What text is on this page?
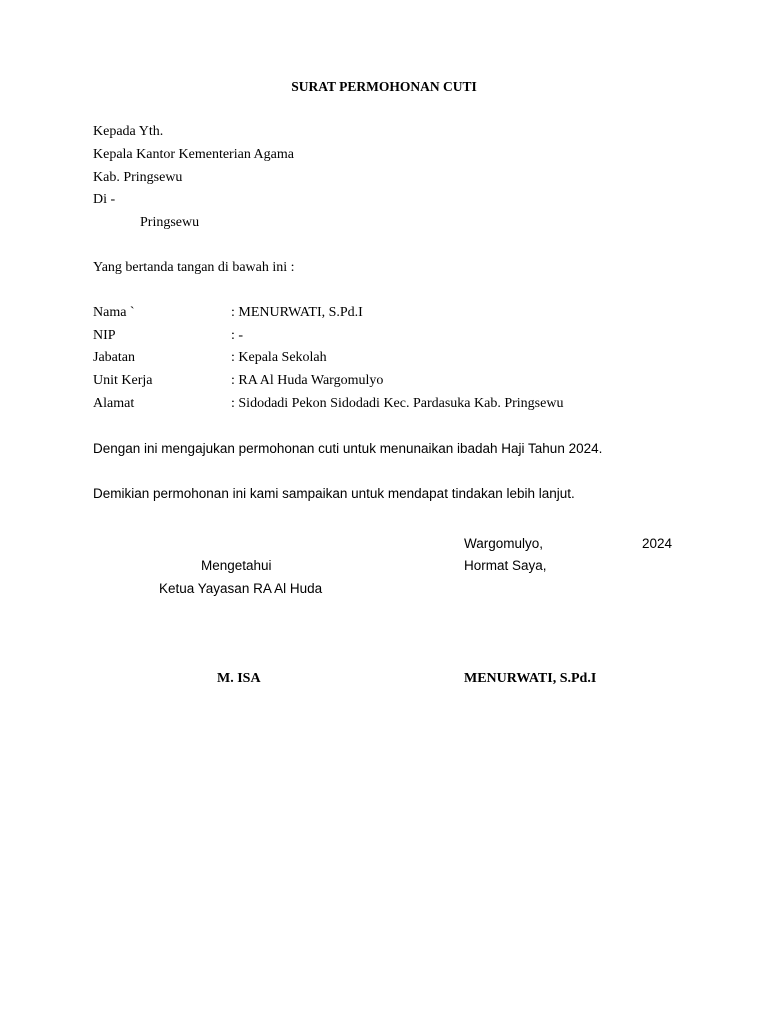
SURAT PERMOHONAN CUTI
Kepada Yth.
Kepala Kantor Kementerian Agama
Kab. Pringsewu
Di -
Pringsewu
Yang bertanda tangan di bawah ini :
Nama `	: MENURWATI, S.Pd.I
NIP	: -
Jabatan	: Kepala Sekolah
Unit Kerja	: RA Al Huda Wargomulyo
Alamat	: Sidodadi Pekon Sidodadi Kec. Pardasuka Kab. Pringsewu
Dengan ini mengajukan permohonan cuti untuk menunaikan ibadah Haji Tahun 2024.
Demikian permohonan ini kami sampaikan untuk mendapat tindakan lebih lanjut.
Wargomulyo,	2024
Mengetahui	Hormat Saya,
Ketua Yayasan RA Al Huda
M. ISA	MENURWATI, S.Pd.I
